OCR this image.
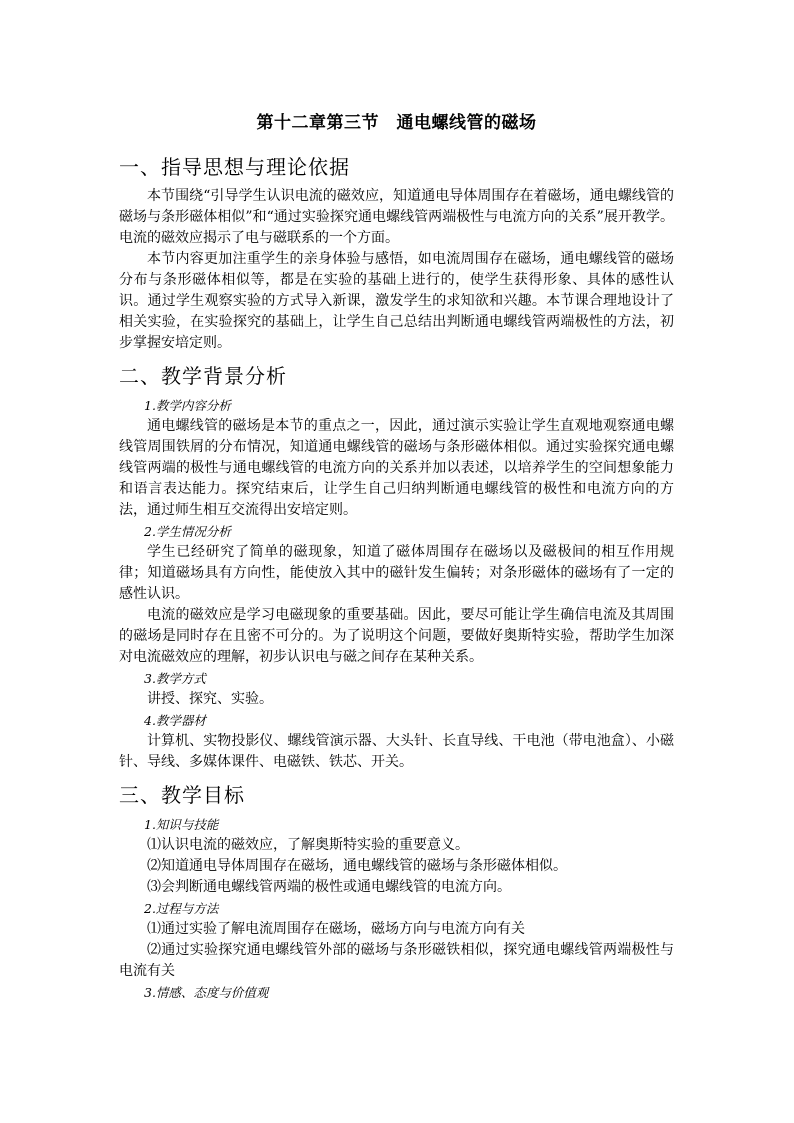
第十二章第三节　通电螺线管的磁场
一、指导思想与理论依据

本节围绕“引导学生认识电流的磁效应，知道通电导体周围存在着磁场，通电螺线管的磁场与条形磁体相似”和“通过实验探究通电螺线管两端极性与电流方向的关系”展开教学。电流的磁效应揭示了电与磁联系的一个方面。

本节内容更加注重学生的亲身体验与感悟，如电流周围存在磁场，通电螺线管的磁场分布与条形磁体相似等，都是在实验的基础上进行的，使学生获得形象、具体的感性认识。通过学生观察实验的方式导入新课，激发学生的求知欲和兴趣。本节课合理地设计了相关实验，在实验探究的基础上，让学生自己总结出判断通电螺线管两端极性的方法，初步掌握安培定则。

二、教学背景分析

1.教学内容分析

通电螺线管的磁场是本节的重点之一，因此，通过演示实验让学生直观地观察通电螺线管周围铁屑的分布情况，知道通电螺线管的磁场与条形磁体相似。通过实验探究通电螺线管两端的极性与通电螺线管的电流方向的关系并加以表述，以培养学生的空间想象能力和语言表达能力。探究结束后，让学生自己归纳判断通电螺线管的极性和电流方向的方法，通过师生相互交流得出安培定则。

2.学生情况分析

学生已经研究了简单的磁现象，知道了磁体周围存在磁场以及磁极间的相互作用规律；知道磁场具有方向性，能使放入其中的磁针发生偏转；对条形磁体的磁场有了一定的感性认识。

电流的磁效应是学习电磁现象的重要基础。因此，要尽可能让学生确信电流及其周围的磁场是同时存在且密不可分的。为了说明这个问题，要做好奥斯特实验，帮助学生加深对电流磁效应的理解，初步认识电与磁之间存在某种关系。

3.教学方式

讲授、探究、实验。

4.教学器材

计算机、实物投影仪、螺线管演示器、大头针、长直导线、干电池（带电池盒）、小磁针、导线、多媒体课件、电磁铁、铁芯、开关。

三、教学目标

1.知识与技能

⑴认识电流的磁效应，了解奥斯特实验的重要意义。

⑵知道通电导体周围存在磁场，通电螺线管的磁场与条形磁体相似。

⑶会判断通电螺线管两端的极性或通电螺线管的电流方向。

2.过程与方法

⑴通过实验了解电流周围存在磁场，磁场方向与电流方向有关

⑵通过实验探究通电螺线管外部的磁场与条形磁铁相似，探究通电螺线管两端极性与电流有关

3.情感、态度与价值观
